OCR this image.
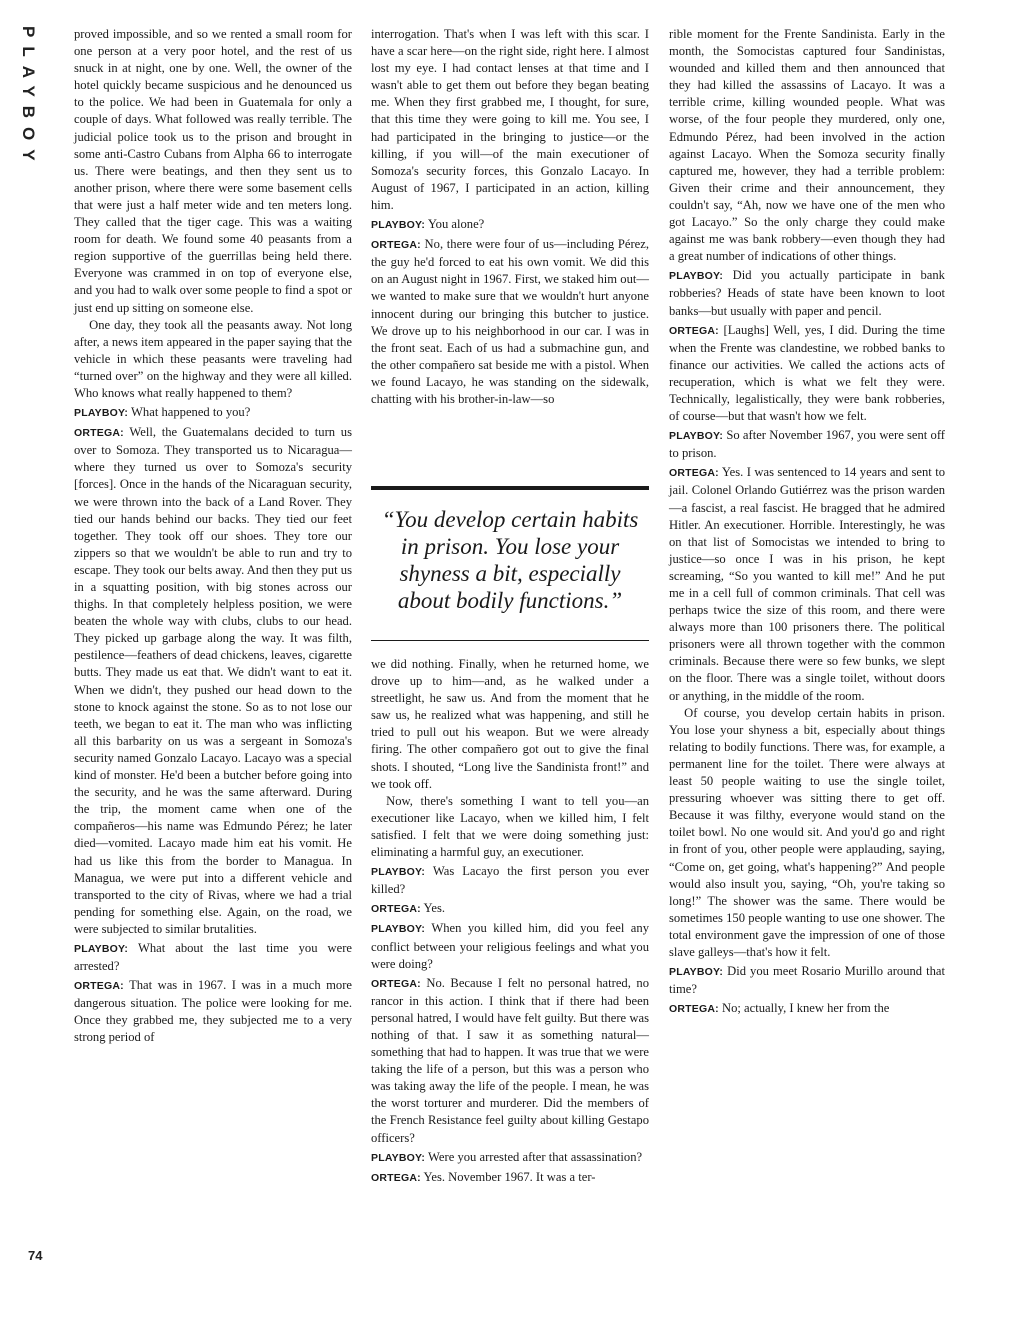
PLAYBOY
74

proved impossible, and so we rented a small room for one person at a very poor hotel, and the rest of us snuck in at night, one by one. Well, the owner of the hotel quickly became suspicious and he denounced us to the police. We had been in Guatemala for only a couple of days. What followed was really terrible. The judicial police took us to the prison and brought in some anti-Castro Cubans from Alpha 66 to interrogate us. There were beatings, and then they sent us to another prison, where there were some basement cells that were just a half meter wide and ten meters long. They called that the tiger cage. This was a waiting room for death. We found some 40 peasants from a region supportive of the guerrillas being held there. Everyone was crammed in on top of everyone else, and you had to walk over some people to find a spot or just end up sitting on someone else.

One day, they took all the peasants away. Not long after, a news item appeared in the paper saying that the vehicle in which these peasants were traveling had “turned over” on the highway and they were all killed. Who knows what really happened to them?

PLAYBOY: What happened to you?

ORTEGA: Well, the Guatemalans decided to turn us over to Somoza. They transported us to Nicaragua—where they turned us over to Somoza's security [forces]. Once in the hands of the Nicaraguan security, we were thrown into the back of a Land Rover. They tied our hands behind our backs. They tied our feet together. They took off our shoes. They tore our zippers so that we wouldn't be able to run and try to escape. They took our belts away. And then they put us in a squatting position, with big stones across our thighs. In that completely helpless position, we were beaten the whole way with clubs, clubs to our head. They picked up garbage along the way. It was filth, pestilence—feathers of dead chickens, leaves, cigarette butts. They made us eat that. We didn't want to eat it. When we didn't, they pushed our head down to the stone to knock against the stone. So as to not lose our teeth, we began to eat it. The man who was inflicting all this barbarity on us was a sergeant in Somoza's security named Gonzalo Lacayo. Lacayo was a special kind of monster. He'd been a butcher before going into the security, and he was the same afterward. During the trip, the moment came when one of the compañeros—his name was Edmundo Pérez; he later died—vomited. Lacayo made him eat his vomit. He had us like this from the border to Managua. In Managua, we were put into a different vehicle and transported to the city of Rivas, where we had a trial pending for something else. Again, on the road, we were subjected to similar brutalities.

PLAYBOY: What about the last time you were arrested?

ORTEGA: That was in 1967. I was in a much more dangerous situation. The police were looking for me. Once they grabbed me, they subjected me to a very strong period of

interrogation. That's when I was left with this scar. I have a scar here—on the right side, right here. I almost lost my eye. I had contact lenses at that time and I wasn't able to get them out before they began beating me. When they first grabbed me, I thought, for sure, that this time they were going to kill me. You see, I had participated in the bringing to justice—or the killing, if you will—of the main executioner of Somoza's security forces, this Gonzalo Lacayo. In August of 1967, I participated in an action, killing him.

PLAYBOY: You alone?

ORTEGA: No, there were four of us—including Pérez, the guy he'd forced to eat his own vomit. We did this on an August night in 1967. First, we staked him out—we wanted to make sure that we wouldn't hurt anyone innocent during our bringing this butcher to justice. We drove up to his neighborhood in our car. I was in the front seat. Each of us had a submachine gun, and the other compañero sat beside me with a pistol. When we found Lacayo, he was standing on the sidewalk, chatting with his brother-in-law—so

we did nothing. Finally, when he returned home, we drove up to him—and, as he walked under a streetlight, he saw us. And from the moment that he saw us, he realized what was happening, and still he tried to pull out his weapon. But we were already firing. The other compañero got out to give the final shots. I shouted, “Long live the Sandinista front!” and we took off.

Now, there's something I want to tell you—an executioner like Lacayo, when we killed him, I felt satisfied. I felt that we were doing something just: eliminating a harmful guy, an executioner.

PLAYBOY: Was Lacayo the first person you ever killed?

ORTEGA: Yes.

PLAYBOY: When you killed him, did you feel any conflict between your religious feelings and what you were doing?

ORTEGA: No. Because I felt no personal hatred, no rancor in this action. I think that if there had been personal hatred, I would have felt guilty. But there was nothing of that. I saw it as something natural—something that had to happen. It was true that we were taking the life of a person, but this was a person who was taking away the life of the people. I mean, he was the worst torturer and murderer. Did the members of the French Resistance feel guilty about killing Gestapo officers?

PLAYBOY: Were you arrested after that assassination?

ORTEGA: Yes. November 1967. It was a ter-

“You develop certain habits in prison. You lose your shyness a bit, especially about bodily functions.”

rible moment for the Frente Sandinista. Early in the month, the Somocistas captured four Sandinistas, wounded and killed them and then announced that they had killed the assassins of Lacayo. It was a terrible crime, killing wounded people. What was worse, of the four people they murdered, only one, Edmundo Pérez, had been involved in the action against Lacayo. When the Somoza security finally captured me, however, they had a terrible problem: Given their crime and their announcement, they couldn't say, “Ah, now we have one of the men who got Lacayo.” So the only charge they could make against me was bank robbery—even though they had a great number of indications of other things.

PLAYBOY: Did you actually participate in bank robberies? Heads of state have been known to loot banks—but usually with paper and pencil.

ORTEGA: [Laughs] Well, yes, I did. During the time when the Frente was clandestine, we robbed banks to finance our activities. We called the actions acts of recuperation, which is what we felt they were. Technically, legalistically, they were bank robberies, of course—but that wasn't how we felt.

PLAYBOY: So after November 1967, you were sent off to prison.

ORTEGA: Yes. I was sentenced to 14 years and sent to jail. Colonel Orlando Gutiérrez was the prison warden—a fascist, a real fascist. He bragged that he admired Hitler. An executioner. Horrible. Interestingly, he was on that list of Somocistas we intended to bring to justice—so once I was in his prison, he kept screaming, “So you wanted to kill me!” And he put me in a cell full of common criminals. That cell was perhaps twice the size of this room, and there were always more than 100 prisoners there. The political prisoners were all thrown together with the common criminals. Because there were so few bunks, we slept on the floor. There was a single toilet, without doors or anything, in the middle of the room.

Of course, you develop certain habits in prison. You lose your shyness a bit, especially about things relating to bodily functions. There was, for example, a permanent line for the toilet. There were always at least 50 people waiting to use the single toilet, pressuring whoever was sitting there to get off. Because it was filthy, everyone would stand on the toilet bowl. No one would sit. And you'd go and right in front of you, other people were applauding, saying, “Come on, get going, what's happening?” And people would also insult you, saying, “Oh, you're taking so long!” The shower was the same. There would be sometimes 150 people wanting to use one shower. The total environment gave the impression of one of those slave galleys—that's how it felt.

PLAYBOY: Did you meet Rosario Murillo around that time?

ORTEGA: No; actually, I knew her from the
